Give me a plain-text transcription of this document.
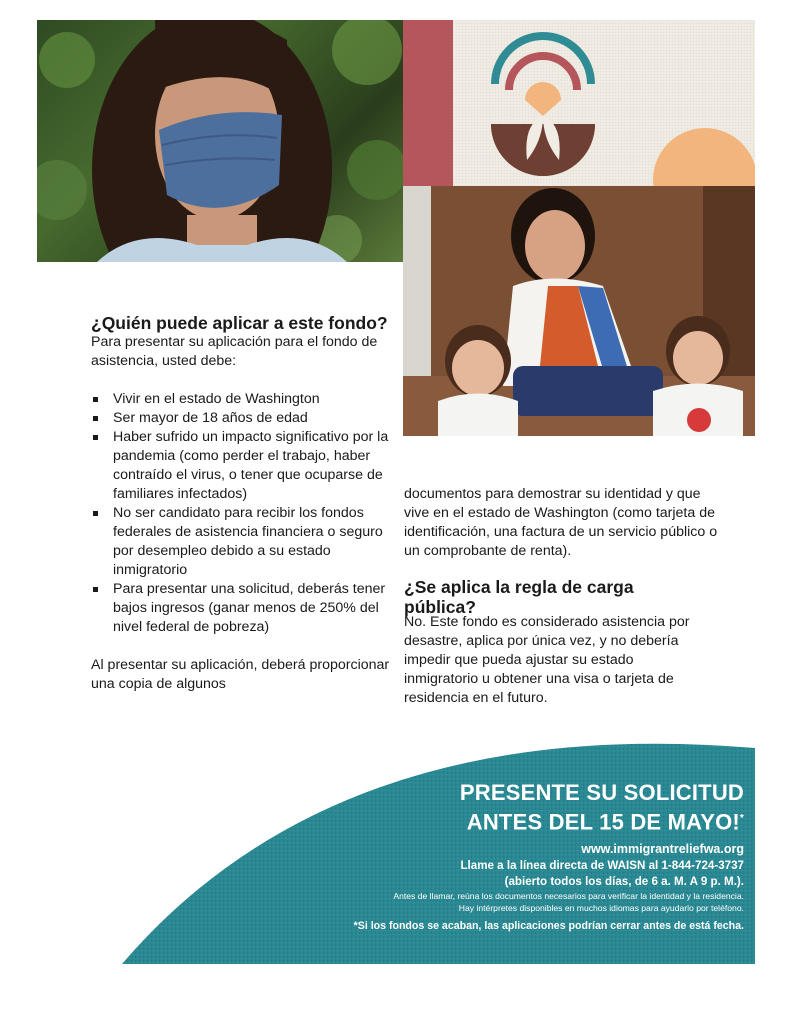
¿Quién puede aplicar a este fondo?

Para presentar su aplicación para el fondo de asistencia, usted debe:

Vivir en el estado de Washington
Ser mayor de 18 años de edad
Haber sufrido un impacto significativo por la pandemia (como perder el trabajo, haber contraído el virus, o tener que ocuparse de familiares infectados)
No ser candidato para recibir los fondos federales de asistencia financiera o seguro por desempleo debido a su estado inmigratorio
Para presentar una solicitud, deberás tener bajos ingresos (ganar menos de 250% del nivel federal de pobreza)

Al presentar su aplicación, deberá proporcionar una copia de algunos

documentos para demostrar su identidad y que vive en el estado de Washington (como tarjeta de identificación, una factura de un servicio público o un comprobante de renta).

¿Se aplica la regla de carga pública?

No. Este fondo es considerado asistencia por desastre, aplica por única vez, y no debería impedir que pueda ajustar su estado inmigratorio u obtener una visa o tarjeta de residencia en el futuro.

PRESENTE SU SOLICITUD

ANTES DEL 15 DE MAYO!*

www.immigrantreliefwa.org

Llame a la línea directa de WAISN al 1-844-724-3737

(abierto todos los días, de 6 a. M. A 9 p. M.).

Antes de llamar, reúna los documentos necesarios para verificar la identidad y la residencia.

Hay intérpretes disponibles en muchos idiomas para ayudarlo por teléfono.

*Si los fondos se acaban, las aplicaciones podrían cerrar antes de está fecha.
